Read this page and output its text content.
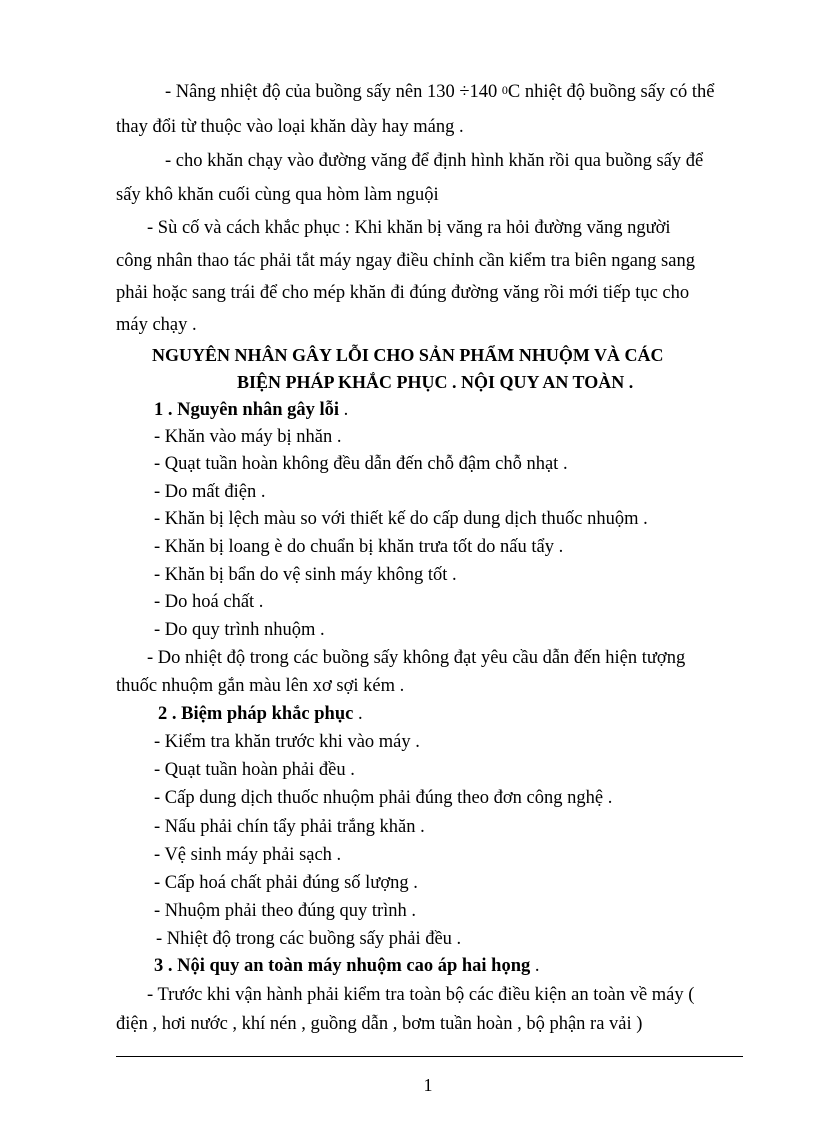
- Nâng nhiệt độ của buồng sấy nên 130 ÷140 $^0$C nhiệt độ buồng sấy có thể
thay đổi từ thuộc vào loại khăn dày hay máng .
- cho khăn chạy vào đường văng để định hình khăn rồi qua buồng sấy để
sấy khô khăn cuối cùng qua hòm làm nguội
- Sù cố và cách khắc phục : Khi khăn bị văng ra hỏi đường văng người
công nhân thao tác phải tắt máy ngay điều chỉnh cần kiểm tra biên ngang sang
phải hoặc sang trái để cho mép khăn đi đúng đường văng rồi mới tiếp tục cho
máy chạy .
NGUYÊN NHÂN GÂY LỖI CHO SẢN PHẨM NHUỘM VÀ CÁC
BIỆN PHÁP KHẮC PHỤC . NỘI QUY AN TOÀN .
1 . Nguyên nhân gây lỗi .
- Khăn vào máy bị nhăn .
- Quạt tuần hoàn không đều dẫn đến chỗ đậm chỗ nhạt .
- Do mất điện .
- Khăn bị lệch màu so với thiết kế do cấp dung dịch thuốc nhuộm .
- Khăn bị loang è do chuẩn bị khăn trưa tốt do nấu tẩy .
- Khăn bị bẩn do vệ sinh máy không tốt .
- Do hoá chất .
- Do quy trình nhuộm .
- Do nhiệt độ trong các buồng sấy không đạt yêu cầu dẫn đến hiện tượng
thuốc nhuộm gắn màu lên xơ sợi kém .
2 . Biệm pháp khắc phục .
- Kiểm tra khăn trước khi vào máy .
- Quạt tuần hoàn phải đều .
- Cấp dung dịch thuốc nhuộm phải đúng theo đơn công nghệ .
- Nấu phải chín tẩy phải trắng khăn .
- Vệ sinh máy phải sạch .
- Cấp hoá chất phải đúng số lượng .
- Nhuộm phải theo đúng quy trình .
- Nhiệt độ trong các buồng sấy phải đều .
3 . Nội quy an toàn máy nhuộm cao áp hai họng .
- Trước khi vận hành phải kiểm tra toàn bộ các điều kiện an toàn về máy (
điện , hơi nước , khí nén , guồng dẫn , bơm tuần hoàn , bộ phận ra vải )
1
